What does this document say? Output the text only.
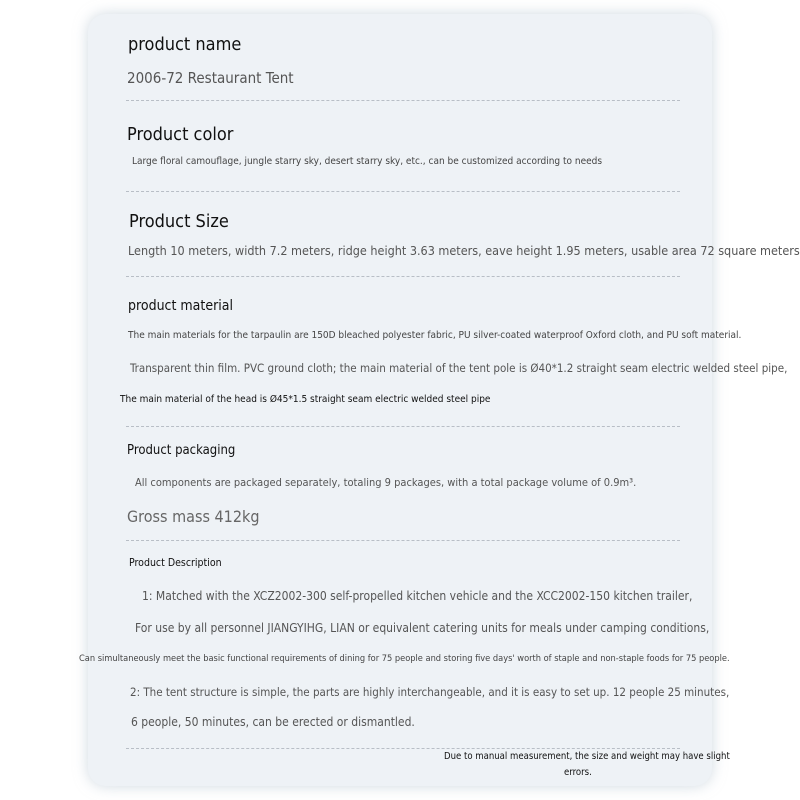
product name
2006-72 Restaurant Tent
Product color
Large floral camouflage, jungle starry sky, desert starry sky, etc., can be customized according to needs
Product Size
Length 10 meters, width 7.2 meters, ridge height 3.63 meters, eave height 1.95 meters, usable area 72 square meters
product material
The main materials for the tarpaulin are 150D bleached polyester fabric, PU silver-coated waterproof Oxford cloth, and PU soft material.
Transparent thin film. PVC ground cloth; the main material of the tent pole is Ø40*1.2 straight seam electric welded steel pipe,
The main material of the head is Ø45*1.5 straight seam electric welded steel pipe
Product packaging
All components are packaged separately, totaling 9 packages, with a total package volume of 0.9m³.
Gross mass 412kg
Product Description
1: Matched with the XCZ2002-300 self-propelled kitchen vehicle and the XCC2002-150 kitchen trailer,
For use by all personnel JIANGYIHG, LIAN or equivalent catering units for meals under camping conditions,
Can simultaneously meet the basic functional requirements of dining for 75 people and storing five days' worth of staple and non-staple foods for 75 people.
2: The tent structure is simple, the parts are highly interchangeable, and it is easy to set up. 12 people 25 minutes,
6 people, 50 minutes, can be erected or dismantled.
Due to manual measurement, the size and weight may have slight
errors.
